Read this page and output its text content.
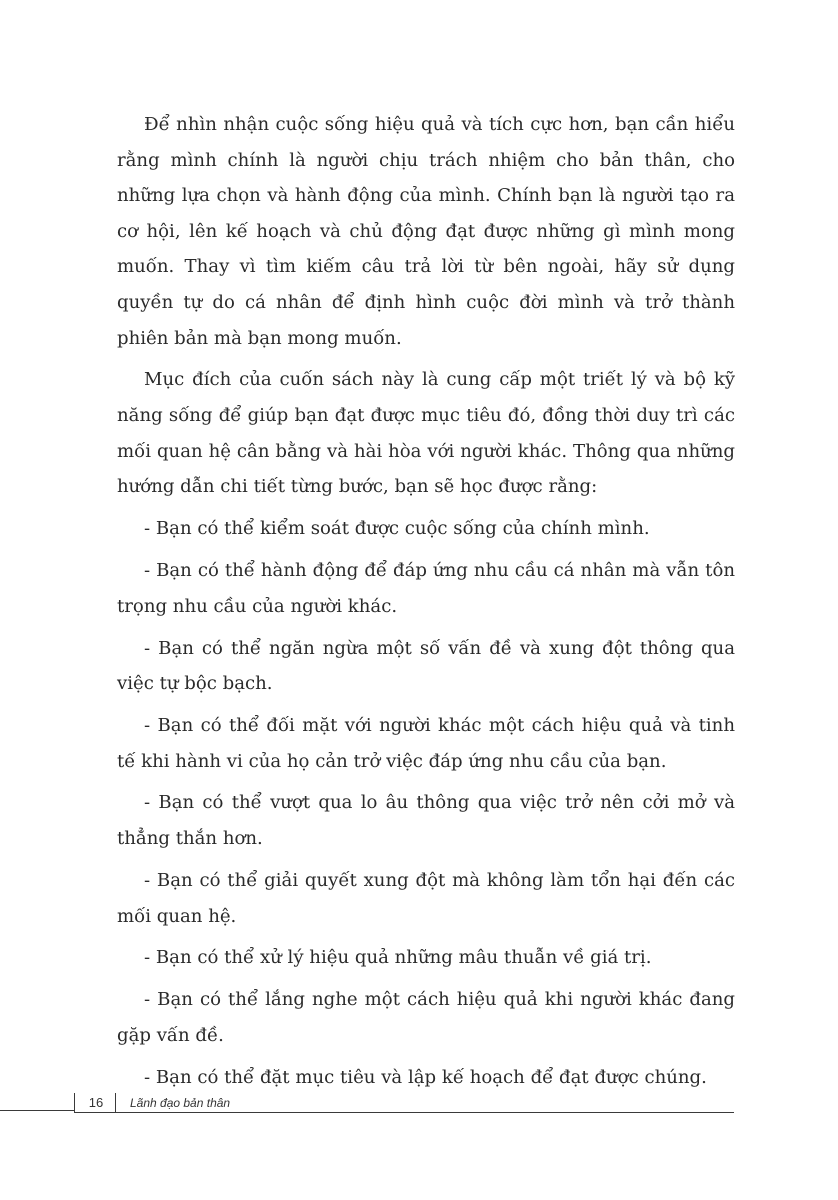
Để nhìn nhận cuộc sống hiệu quả và tích cực hơn, bạn cần hiểu rằng mình chính là người chịu trách nhiệm cho bản thân, cho những lựa chọn và hành động của mình. Chính bạn là người tạo ra cơ hội, lên kế hoạch và chủ động đạt được những gì mình mong muốn. Thay vì tìm kiếm câu trả lời từ bên ngoài, hãy sử dụng quyền tự do cá nhân để định hình cuộc đời mình và trở thành phiên bản mà bạn mong muốn.

Mục đích của cuốn sách này là cung cấp một triết lý và bộ kỹ năng sống để giúp bạn đạt được mục tiêu đó, đồng thời duy trì các mối quan hệ cân bằng và hài hòa với người khác. Thông qua những hướng dẫn chi tiết từng bước, bạn sẽ học được rằng:

- Bạn có thể kiểm soát được cuộc sống của chính mình.

- Bạn có thể hành động để đáp ứng nhu cầu cá nhân mà vẫn tôn trọng nhu cầu của người khác.

- Bạn có thể ngăn ngừa một số vấn đề và xung đột thông qua việc tự bộc bạch.

- Bạn có thể đối mặt với người khác một cách hiệu quả và tinh tế khi hành vi của họ cản trở việc đáp ứng nhu cầu của bạn.

- Bạn có thể vượt qua lo âu thông qua việc trở nên cởi mở và thẳng thắn hơn.

- Bạn có thể giải quyết xung đột mà không làm tổn hại đến các mối quan hệ.

- Bạn có thể xử lý hiệu quả những mâu thuẫn về giá trị.

- Bạn có thể lắng nghe một cách hiệu quả khi người khác đang gặp vấn đề.

- Bạn có thể đặt mục tiêu và lập kế hoạch để đạt được chúng.

16	Lãnh đạo bản thân
